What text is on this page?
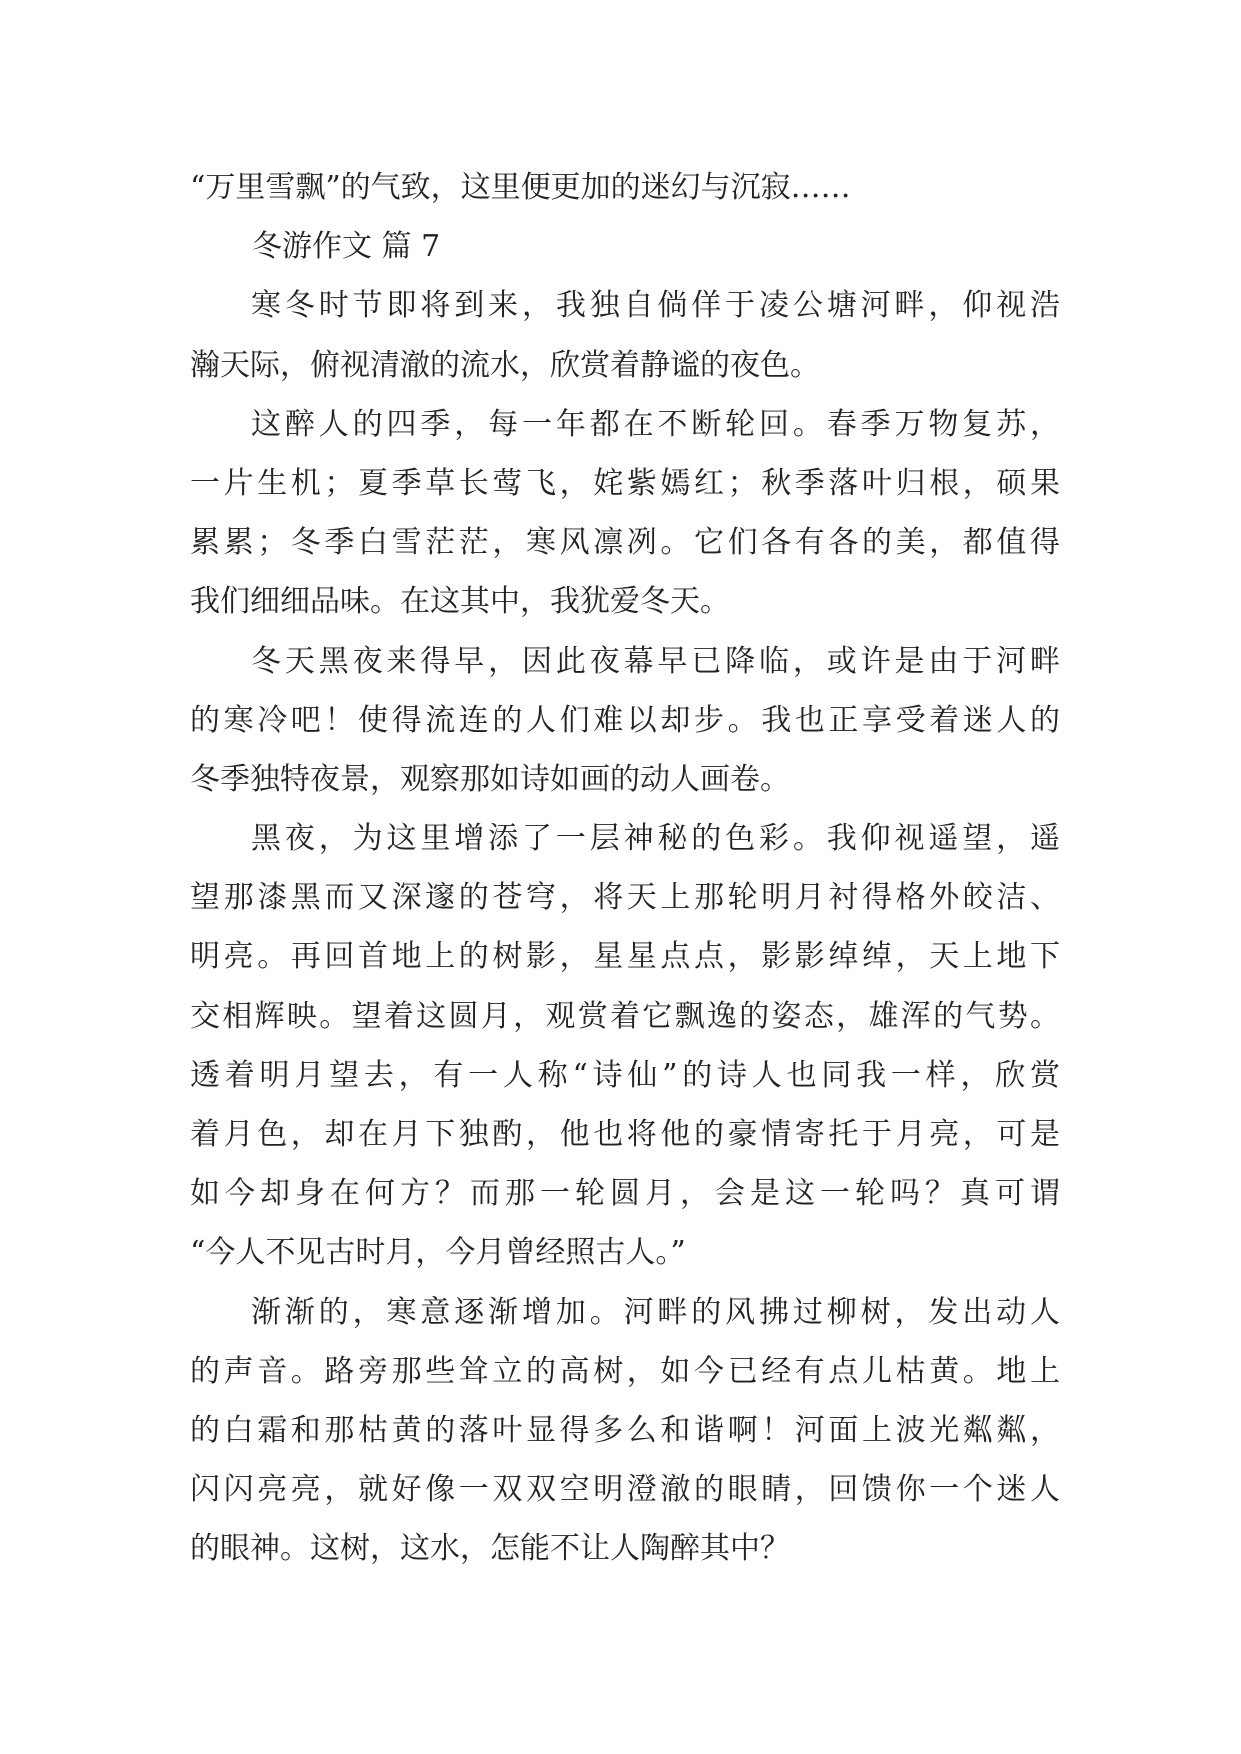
“万里雪飘”的气致，这里便更加的迷幻与沉寂……
冬游作文 篇 7
寒冬时节即将到来，我独自倘佯于凌公塘河畔，仰视浩
瀚天际，俯视清澈的流水，欣赏着静谧的夜色。
这醉人的四季，每一年都在不断轮回。春季万物复苏，
一片生机；夏季草长莺飞，姹紫嫣红；秋季落叶归根，硕果
累累；冬季白雪茫茫，寒风凛冽。它们各有各的美，都值得
我们细细品味。在这其中，我犹爱冬天。
冬天黑夜来得早，因此夜幕早已降临，或许是由于河畔
的寒冷吧！使得流连的人们难以却步。我也正享受着迷人的
冬季独特夜景，观察那如诗如画的动人画卷。
黑夜，为这里增添了一层神秘的色彩。我仰视遥望，遥
望那漆黑而又深邃的苍穹，将天上那轮明月衬得格外皎洁、
明亮。再回首地上的树影，星星点点，影影绰绰，天上地下
交相辉映。望着这圆月，观赏着它飘逸的姿态，雄浑的气势。
透着明月望去，有一人称“诗仙”的诗人也同我一样，欣赏
着月色，却在月下独酌，他也将他的豪情寄托于月亮，可是
如今却身在何方？而那一轮圆月，会是这一轮吗？真可谓
“今人不见古时月，今月曾经照古人。”
渐渐的，寒意逐渐增加。河畔的风拂过柳树，发出动人
的声音。路旁那些耸立的高树，如今已经有点儿枯黄。地上
的白霜和那枯黄的落叶显得多么和谐啊！河面上波光粼粼，
闪闪亮亮，就好像一双双空明澄澈的眼睛，回馈你一个迷人
的眼神。这树，这水，怎能不让人陶醉其中？
